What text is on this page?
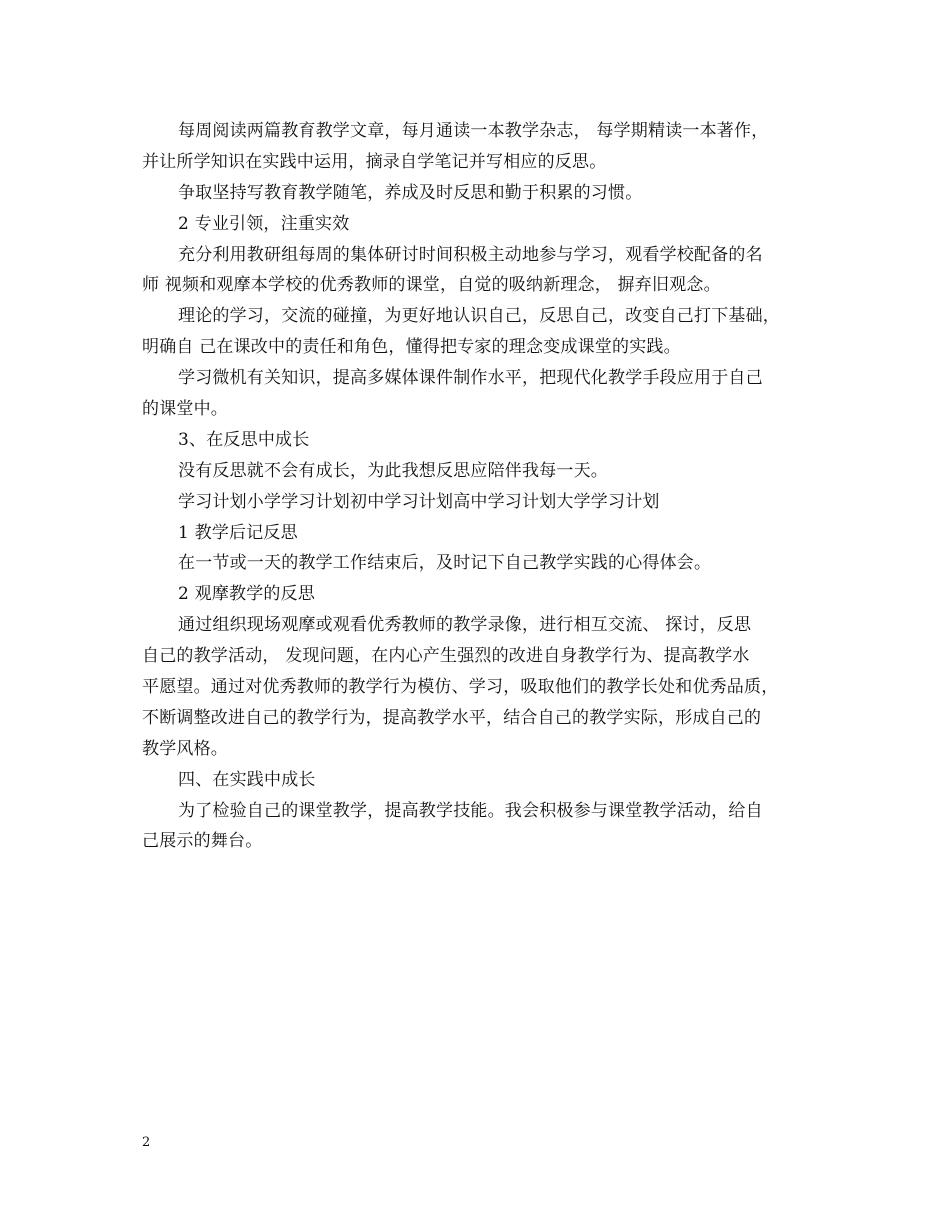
每周阅读两篇教育教学文章，每月通读一本教学杂志， 每学期精读一本著作，
并让所学知识在实践中运用，摘录自学笔记并写相应的反思。
争取坚持写教育教学随笔，养成及时反思和勤于积累的习惯。
2 专业引领，注重实效
充分利用教研组每周的集体研讨时间积极主动地参与学习，观看学校配备的名
师 视频和观摩本学校的优秀教师的课堂，自觉的吸纳新理念， 摒弃旧观念。
理论的学习，交流的碰撞，为更好地认识自己，反思自己，改变自己打下基础，
明确自 己在课改中的责任和角色，懂得把专家的理念变成课堂的实践。
学习微机有关知识，提高多媒体课件制作水平，把现代化教学手段应用于自己
的课堂中。
3、在反思中成长
没有反思就不会有成长，为此我想反思应陪伴我每一天。
学习计划小学学习计划初中学习计划高中学习计划大学学习计划
1 教学后记反思
在一节或一天的教学工作结束后，及时记下自己教学实践的心得体会。
2 观摩教学的反思
通过组织现场观摩或观看优秀教师的教学录像，进行相互交流、 探讨，反思
自己的教学活动， 发现问题，在内心产生强烈的改进自身教学行为、提高教学水
平愿望。通过对优秀教师的教学行为模仿、学习，吸取他们的教学长处和优秀品质，
不断调整改进自己的教学行为，提高教学水平，结合自己的教学实际，形成自己的
教学风格。
四、在实践中成长
为了检验自己的课堂教学，提高教学技能。我会积极参与课堂教学活动，给自
己展示的舞台。
2
